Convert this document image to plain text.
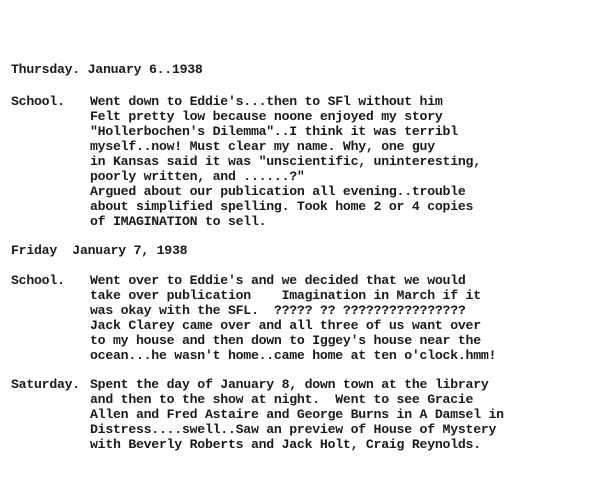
Thursday. January 6..1938
School. Went down to Eddie's...then to SFl without him
Felt pretty low because noone enjoyed my story
"Hollerbochen's Dilemma"..I think it was terribl
myself..now! Must clear my name. Why, one guy
in Kansas said it was "unscientific, uninteresting,
poorly written, and ......?"
Argued about our publication all evening..trouble
about simplified spelling. Took home 2 or 4 copies
of IMAGINATION to sell.
Friday  January 7, 1938
School. Went over to Eddie's and we decided that we would
take over publication    Imagination in March if it
was okay with the SFL.  ????? ?? ????????????????
Jack Clarey came over and all three of us want over
to my house and then down to Iggey's house near the
ocean...he wasn't home..came home at ten o'clock.hmm!
Saturday. Spent the day of January 8, down town at the library
and then to the show at night.  Went to see Gracie
Allen and Fred Astaire and George Burns in A Damsel in
Distress....swell..Saw an preview of House of Mystery
with Beverly Roberts and Jack Holt, Craig Reynolds.
